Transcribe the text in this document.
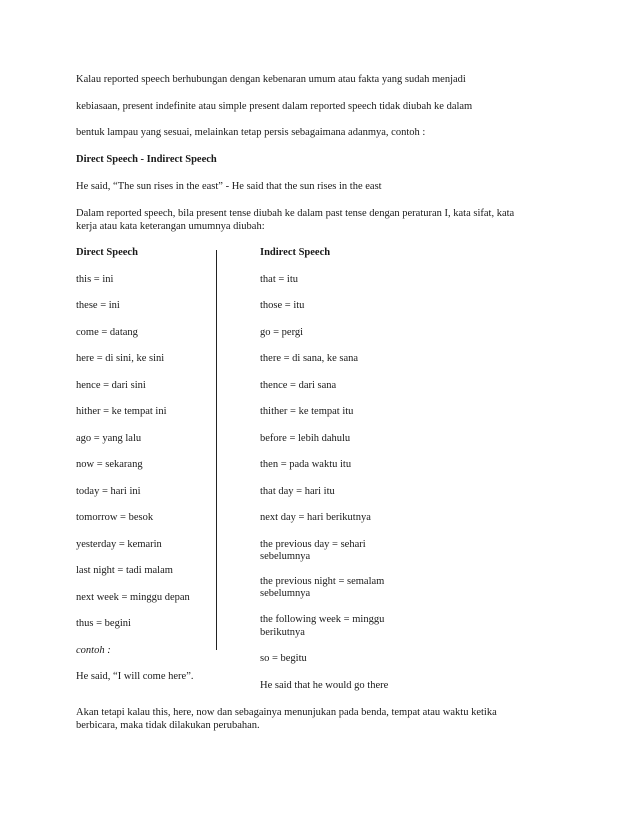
Kalau reported speech berhubungan dengan kebenaran umum atau fakta yang sudah menjadi
kebiasaan, present indefinite atau simple present dalam reported speech tidak diubah ke dalam
bentuk lampau yang sesuai, melainkan tetap persis sebagaimana adanmya, contoh :
Direct Speech - Indirect Speech
He said, “The sun rises in the east” - He said that the sun rises in the east
Dalam reported speech, bila present tense diubah ke dalam past tense dengan peraturan I, kata sifat, kata
kerja atau kata keterangan umumnya diubah:
Direct Speech	Indirect Speech
this = ini
these = ini
come = datang
here = di sini, ke sini
hence = dari sini
hither = ke tempat ini
ago = yang lalu
now = sekarang
today = hari ini
tomorrow = besok
yesterday = kemarin
last night = tadi malam
next week = minggu depan
thus = begini
contoh :
He said, “I will come here”.
that = itu
those = itu
go = pergi
there = di sana, ke sana
thence = dari sana
thither = ke tempat itu
before = lebih dahulu
then = pada waktu itu
that day = hari itu
next day = hari berikutnya
the previous day = sehari
sebelumnya
the previous night = semalam
sebelumnya
the following week = minggu
berikutnya
so = begitu
He said that he would go there
Akan tetapi kalau this, here, now dan sebagainya menunjukan pada benda, tempat atau waktu ketika
berbicara, maka tidak dilakukan perubahan.
